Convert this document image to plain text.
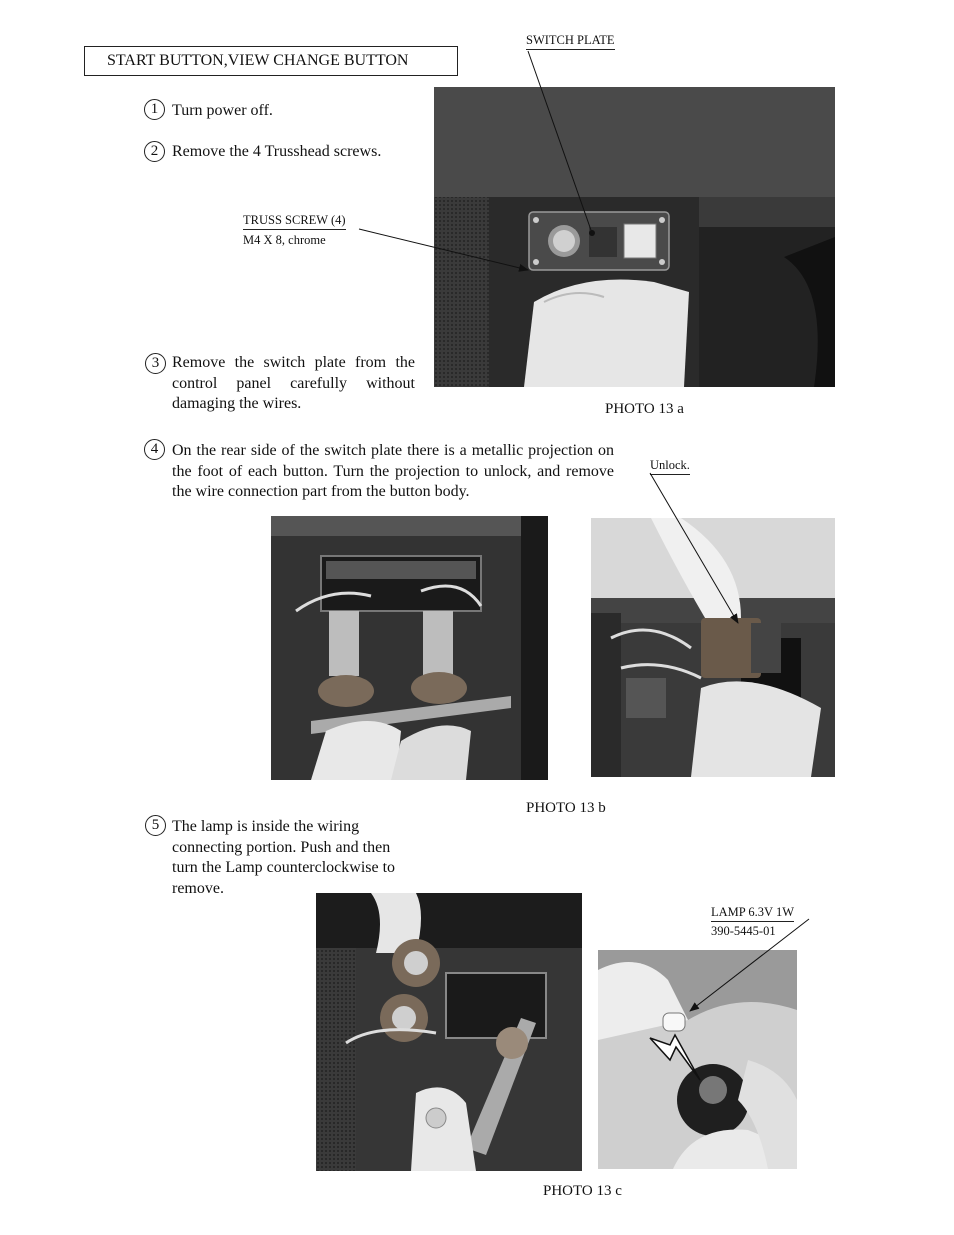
START BUTTON,VIEW CHANGE BUTTON
1 Turn power off.
2 Remove the 4 Trusshead screws.
3 Remove the switch plate from the control panel carefully without damaging the wires.
4 On the rear side of the switch plate there is a metallic projection on the foot of each button. Turn the projection to unlock, and remove the wire connection part from the button body.
5 The lamp is inside the wiring connecting portion. Push and then turn the Lamp counterclockwise to remove.
SWITCH PLATE
TRUSS SCREW (4)
M4 X 8, chrome
Unlock.
LAMP 6.3V 1W
390-5445-01
PHOTO 13 a
PHOTO 13 b
PHOTO 13 c
